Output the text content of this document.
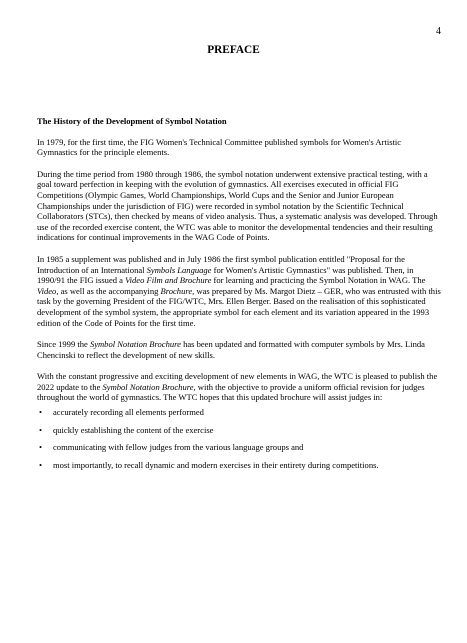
4
PREFACE

The History of the Development of Symbol Notation

In 1979, for the first time, the FIG Women's Technical Committee published symbols for Women's Artistic Gymnastics for the principle elements.

During the time period from 1980 through 1986, the symbol notation underwent extensive practical testing, with a goal toward perfection in keeping with the evolution of gymnastics. All exercises executed in official FIG Competitions (Olympic Games, World Championships, World Cups and the Senior and Junior European Championships under the jurisdiction of FIG) were recorded in symbol notation by the Scientific Technical Collaborators (STCs), then checked by means of video analysis. Thus, a systematic analysis was developed. Through use of the recorded exercise content, the WTC was able to monitor the developmental tendencies and their resulting indications for continual improvements in the WAG Code of Points.

In 1985 a supplement was published and in July 1986 the first symbol publication entitled "Proposal for the Introduction of an International Symbols Language for Women's Artistic Gymnastics" was published. Then, in 1990/91 the FIG issued a Video Film and Brochure for learning and practicing the Symbol Notation in WAG. The Video, as well as the accompanying Brochure, was prepared by Ms. Margot Dietz – GER, who was entrusted with this task by the governing President of the FIG/WTC, Mrs. Ellen Berger. Based on the realisation of this sophisticated development of the symbol system, the appropriate symbol for each element and its variation appeared in the 1993 edition of the Code of Points for the first time.

Since 1999 the Symbol Notation Brochure has been updated and formatted with computer symbols by Mrs. Linda Chencinski to reflect the development of new skills.

With the constant progressive and exciting development of new elements in WAG, the WTC is pleased to publish the 2022 update to the Symbol Notation Brochure, with the objective to provide a uniform official revision for judges throughout the world of gymnastics. The WTC hopes that this updated brochure will assist judges in:

• accurately recording all elements performed
• quickly establishing the content of the exercise
• communicating with fellow judges from the various language groups and
• most importantly, to recall dynamic and modern exercises in their entirety during competitions.
